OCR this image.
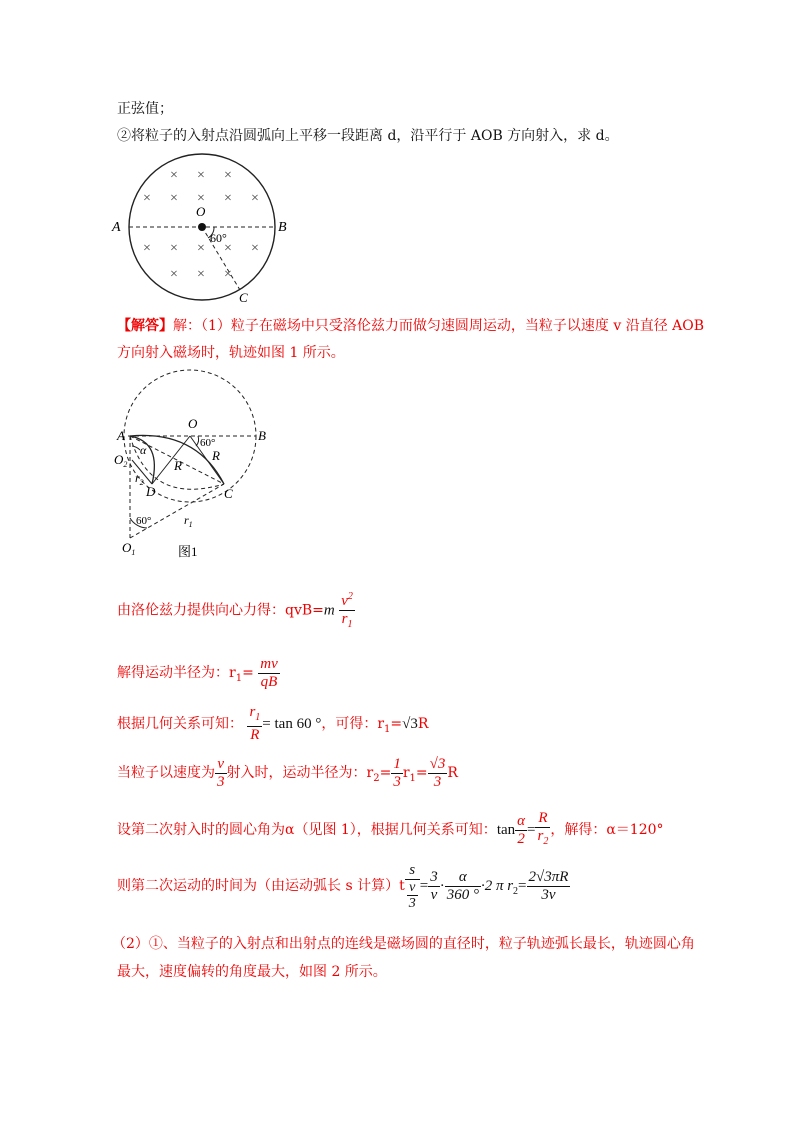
正弦值；
②将粒子的入射点沿圆弧向上平移一段距离 d，沿平行于 AOB 方向射入，求 d。
× × ×
× × × × ×
× × × × ×
× × ×
A	B
O
60°
C
【解答】解：（1）粒子在磁场中只受洛伦兹力而做匀速圆周运动，当粒子以速度 v 沿直径 AOB
方向射入磁场时，轨迹如图 1 所示。
A
O
B
60°
α
R
R
$O_2$
$r_2$
D	C
60°	$r_1$
$O_1$	图1
由洛伦兹力提供向心力得：$qvB=m \frac{v^2}{r_1}$
解得运动半径为：$r_1= \frac{mv}{qB}$
根据几何关系可知： $\frac{r_1}{R} = \tan 60$ °，可得：$r_1=√3R$
当粒子以速度为 $\frac{v}{3}$ 射入时，运动半径为：$r_2= \frac{1}{3} r_1= \frac{√3}{3}$ R
设第二次射入时的圆心角为α（见图 1），根据几何关系可知：$\tan \frac{\alpha}{2} = \frac{R}{r_2}$ ，解得：α＝120°
则第二次运动的时间为（由运动弧长 s 计算）$t \frac{s}{\frac{v}{3}} = \frac{3}{v} \cdot \frac{\alpha}{360 ^\circ} \cdot 2$ π $r_2= \frac{2√3\pi R}{3v}$
（2）①、当粒子的入射点和出射点的连线是磁场圆的直径时，粒子轨迹弧长最长，轨迹圆心角
最大，速度偏转的角度最大，如图 2 所示。
